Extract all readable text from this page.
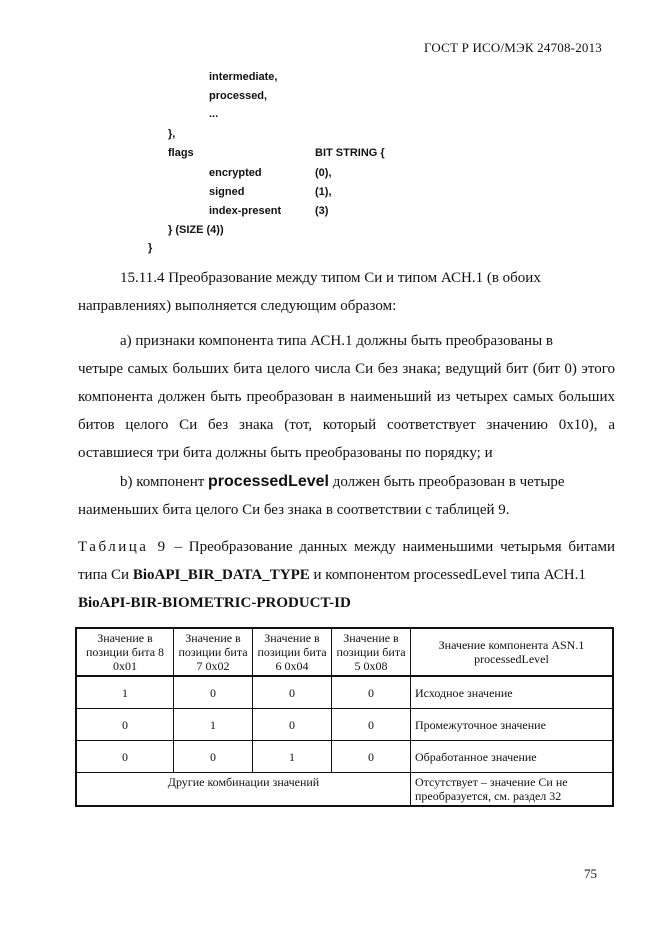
ГОСТ Р ИСО/МЭК 24708-2013
intermediate,
processed,
...
},
flags	BIT STRING {
encrypted	(0),
signed	(1),
index-present	(3)
} (SIZE (4))
}
15.11.4 Преобразование между типом Си и типом АСН.1 (в обоих
направлениях) выполняется следующим образом:
а) признаки компонента типа АСН.1 должны быть преобразованы в
четыре самых больших бита целого числа Си без знака; ведущий бит (бит 0) этого компонента должен быть преобразован в наименьший из четырех самых больших битов целого Си без знака (тот, который соответствует значению 0x10), а оставшиеся три бита должны быть преобразованы по порядку; и
b) компонент processedLevel должен быть преобразован в четыре
наименьших бита целого Си без знака в соответствии с таблицей 9.
Таблица 9 – Преобразование данных между наименьшими четырьмя битами типа Си BioAPI_BIR_DATA_TYPE и компонентом processedLevel типа АСН.1
BioAPI-BIR-BIOMETRIC-PRODUCT-ID
Значение в позиции бита 8 0x01	Значение в позиции бита 7 0x02	Значение в позиции бита 6 0x04	Значение в позиции бита 5 0x08	Значение компонента ASN.1 processedLevel
1	0	0	0	Исходное значение
0	1	0	0	Промежуточное значение
0	0	1	0	Обработанное значение
Другие комбинации значений				Отсутствует – значение Си не преобразуется, см. раздел 32
75
